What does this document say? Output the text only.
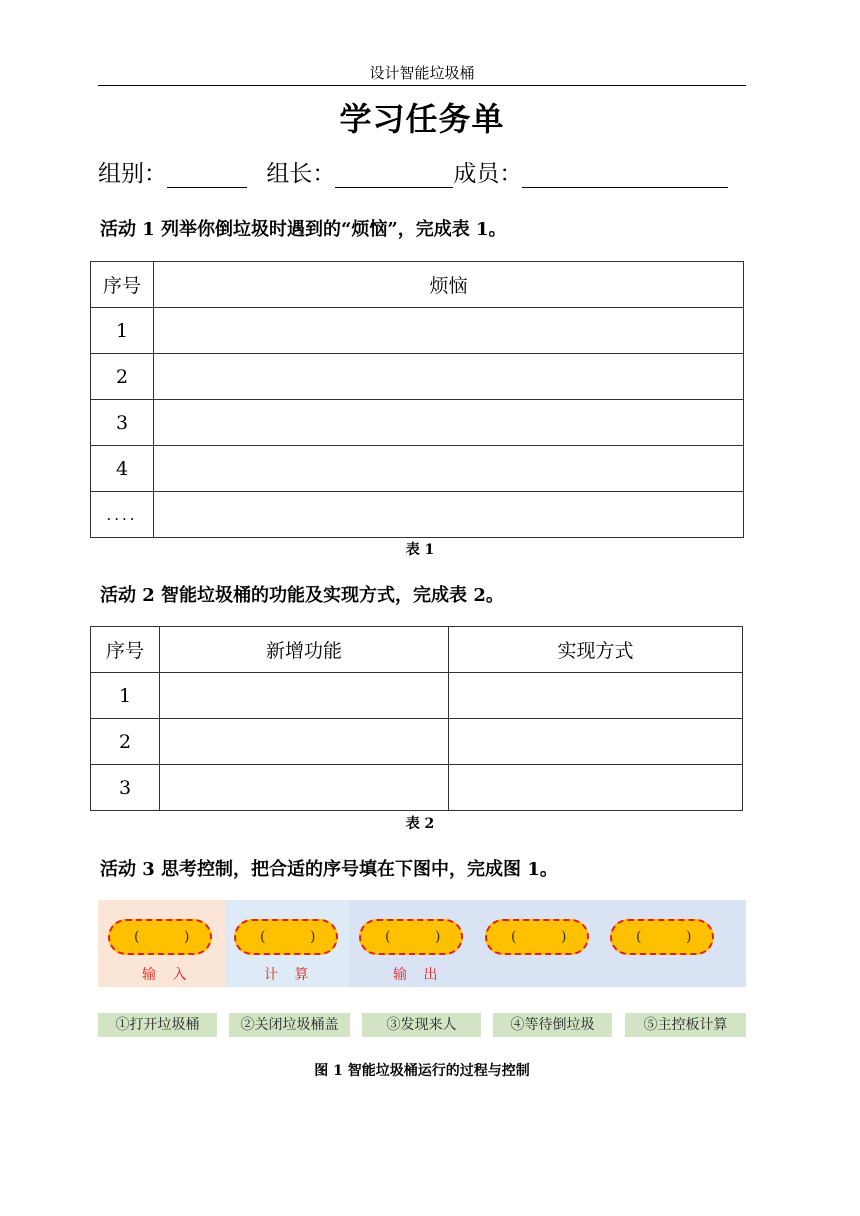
设计智能垃圾桶
学习任务单
组别：	组长：	成员：
活动 1 列举你倒垃圾时遇到的“烦恼”，完成表 1。
序号	烦恼
1	
2	
3	
4	
....	
表 1
活动 2 智能垃圾桶的功能及实现方式，完成表 2。
序号	新增功能	实现方式
1		
2		
3		
表 2
活动 3 思考控制，把合适的序号填在下图中，完成图 1。
(	)	(	)	(	)	(	)	(	)
输 入	计 算	输 出
①打开垃圾桶	②关闭垃圾桶盖	③发现来人	④等待倒垃圾	⑤主控板计算
图 1 智能垃圾桶运行的过程与控制
